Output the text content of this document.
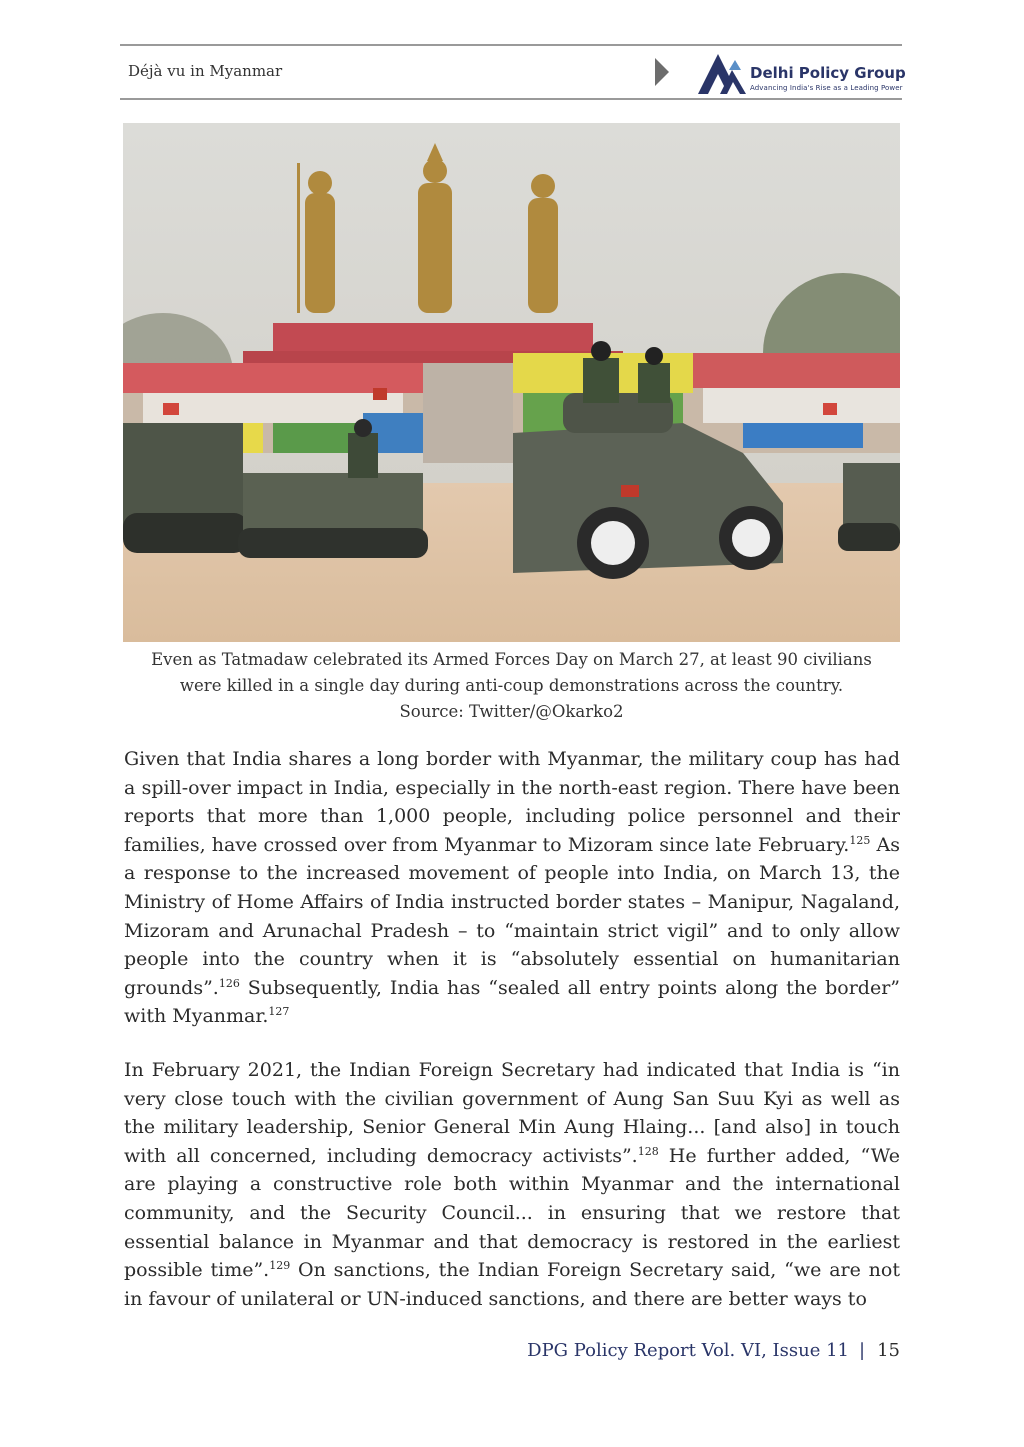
Déjà vu in Myanmar	Delhi Policy Group
Advancing India's Rise as a Leading Power
Even as Tatmadaw celebrated its Armed Forces Day on March 27, at least 90 civilians
were killed in a single day during anti-coup demonstrations across the country.
Source: Twitter/@Okarko2
Given that India shares a long border with Myanmar, the military coup has had a spill-over impact in India, especially in the north-east region. There have been reports that more than 1,000 people, including police personnel and their families, have crossed over from Myanmar to Mizoram since late February.$^{125}$ As a response to the increased movement of people into India, on March 13, the Ministry of Home Affairs of India instructed border states – Manipur, Nagaland, Mizoram and Arunachal Pradesh – to “maintain strict vigil” and to only allow people into the country when it is “absolutely essential on humanitarian grounds”.$^{126}$ Subsequently, India has “sealed all entry points along the border” with Myanmar.$^{127}$
In February 2021, the Indian Foreign Secretary had indicated that India is “in very close touch with the civilian government of Aung San Suu Kyi as well as the military leadership, Senior General Min Aung Hlaing... [and also] in touch with all concerned, including democracy activists”.$^{128}$ He further added, “We are playing a constructive role both within Myanmar and the international community, and the Security Council... in ensuring that we restore that essential balance in Myanmar and that democracy is restored in the earliest possible time”.$^{129}$ On sanctions, the Indian Foreign Secretary said, “we are not in favour of unilateral or UN-induced sanctions, and there are better ways to
DPG Policy Report Vol. VI, Issue 11 | 15
